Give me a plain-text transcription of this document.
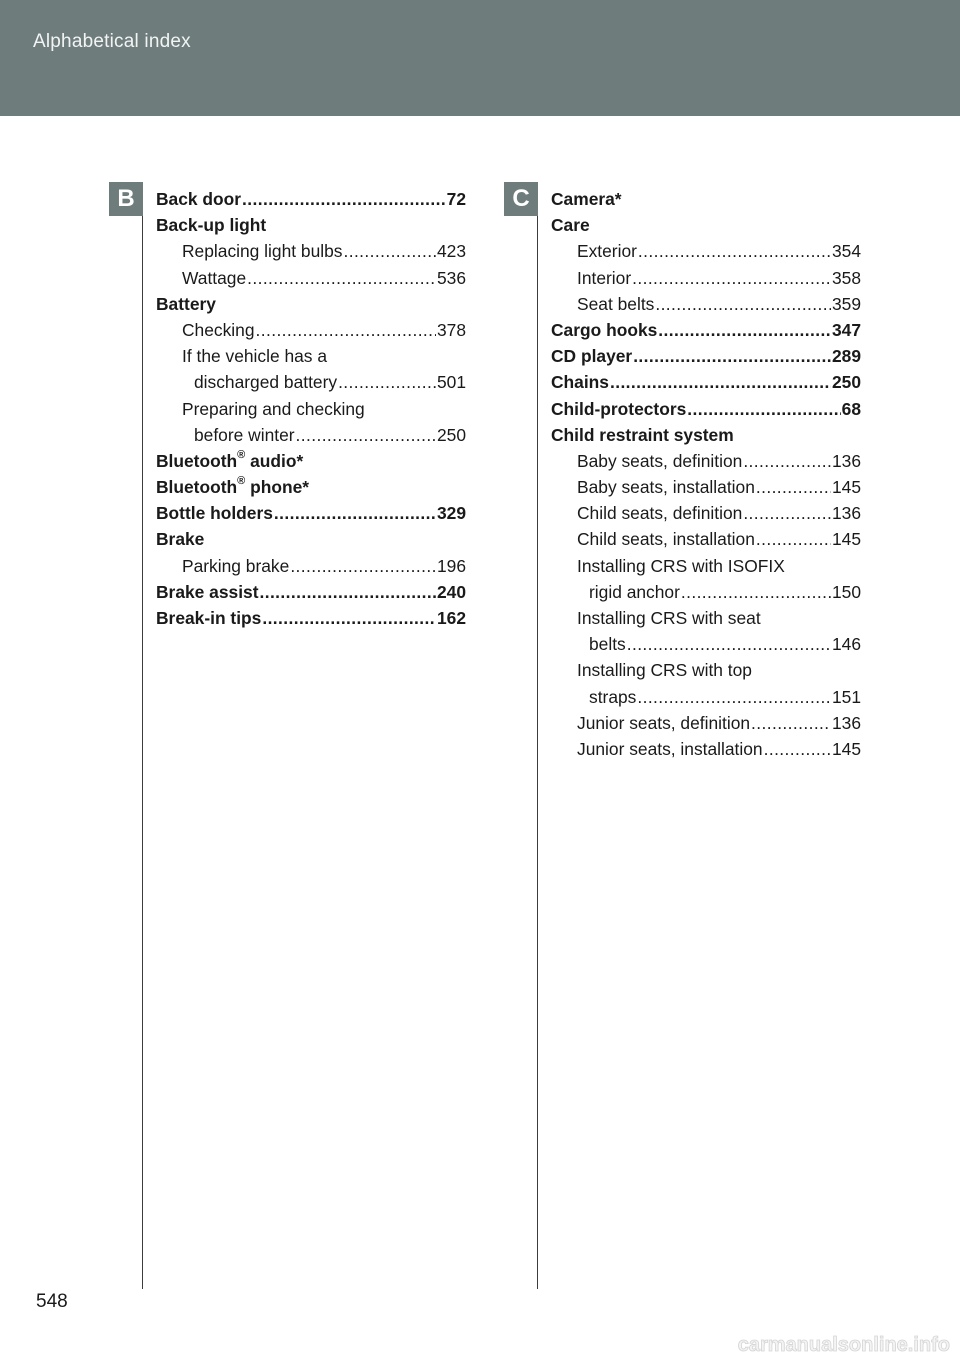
Alphabetical index
B	C
Back door .....	72
Back-up light
Replacing light bulbs .....	423
Wattage .....	536
Battery
Checking .....	378
If the vehicle has a
discharged battery .....	501
Preparing and checking
before winter .....	250
Bluetooth® audio*
Bluetooth® phone*
Bottle holders .....	329
Brake
Parking brake .....	196
Brake assist .....	240
Break-in tips .....	162
Camera*
Care
Exterior .....	354
Interior .....	358
Seat belts .....	359
Cargo hooks .....	347
CD player .....	289
Chains .....	250
Child-protectors .....	68
Child restraint system
Baby seats, definition .....	136
Baby seats, installation .....	145
Child seats, definition .....	136
Child seats, installation .....	145
Installing CRS with ISOFIX
rigid anchor .....	150
Installing CRS with seat
belts .....	146
Installing CRS with top
straps .....	151
Junior seats, definition .....	136
Junior seats, installation .....	145
548
carmanualsonline.info
